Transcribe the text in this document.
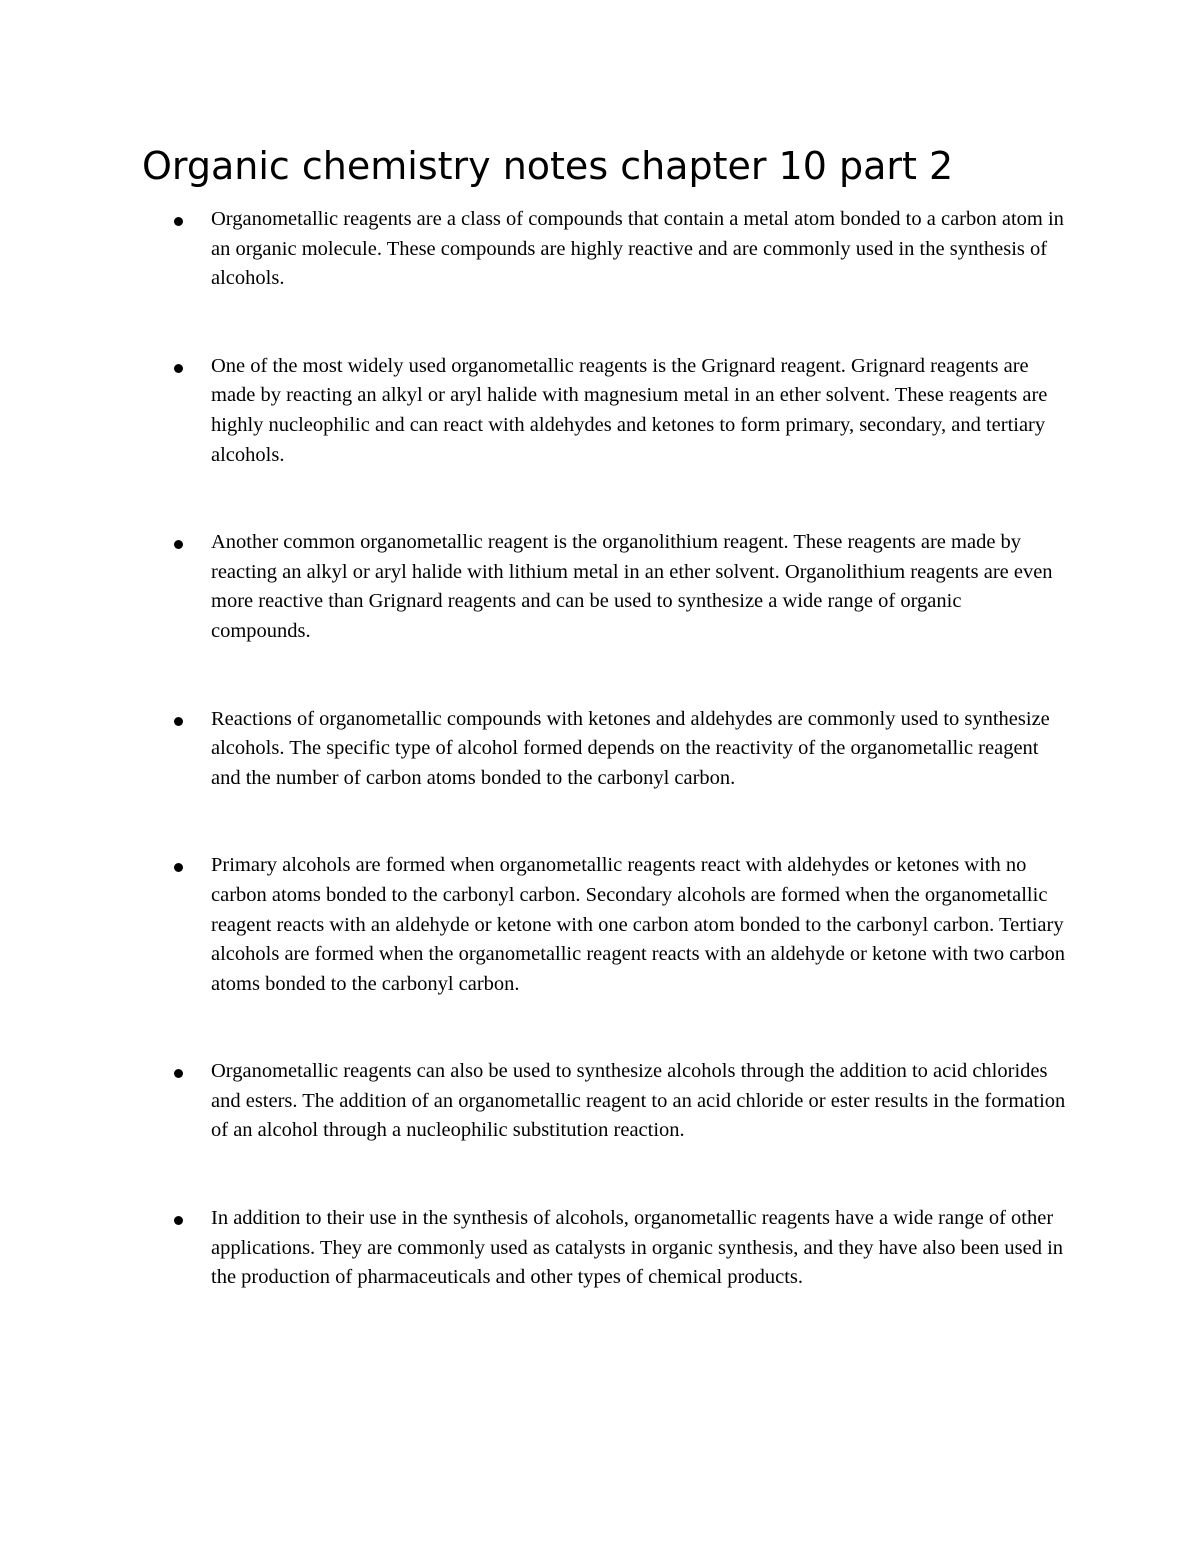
Organic chemistry notes chapter 10 part 2
Organometallic reagents are a class of compounds that contain a metal atom bonded to a carbon atom in an organic molecule. These compounds are highly reactive and are commonly used in the synthesis of alcohols.
One of the most widely used organometallic reagents is the Grignard reagent. Grignard reagents are made by reacting an alkyl or aryl halide with magnesium metal in an ether solvent. These reagents are highly nucleophilic and can react with aldehydes and ketones to form primary, secondary, and tertiary alcohols.
Another common organometallic reagent is the organolithium reagent. These reagents are made by reacting an alkyl or aryl halide with lithium metal in an ether solvent. Organolithium reagents are even more reactive than Grignard reagents and can be used to synthesize a wide range of organic compounds.
Reactions of organometallic compounds with ketones and aldehydes are commonly used to synthesize alcohols. The specific type of alcohol formed depends on the reactivity of the organometallic reagent and the number of carbon atoms bonded to the carbonyl carbon.
Primary alcohols are formed when organometallic reagents react with aldehydes or ketones with no carbon atoms bonded to the carbonyl carbon. Secondary alcohols are formed when the organometallic reagent reacts with an aldehyde or ketone with one carbon atom bonded to the carbonyl carbon. Tertiary alcohols are formed when the organometallic reagent reacts with an aldehyde or ketone with two carbon atoms bonded to the carbonyl carbon.
Organometallic reagents can also be used to synthesize alcohols through the addition to acid chlorides and esters. The addition of an organometallic reagent to an acid chloride or ester results in the formation of an alcohol through a nucleophilic substitution reaction.
In addition to their use in the synthesis of alcohols, organometallic reagents have a wide range of other applications. They are commonly used as catalysts in organic synthesis, and they have also been used in the production of pharmaceuticals and other types of chemical products.
